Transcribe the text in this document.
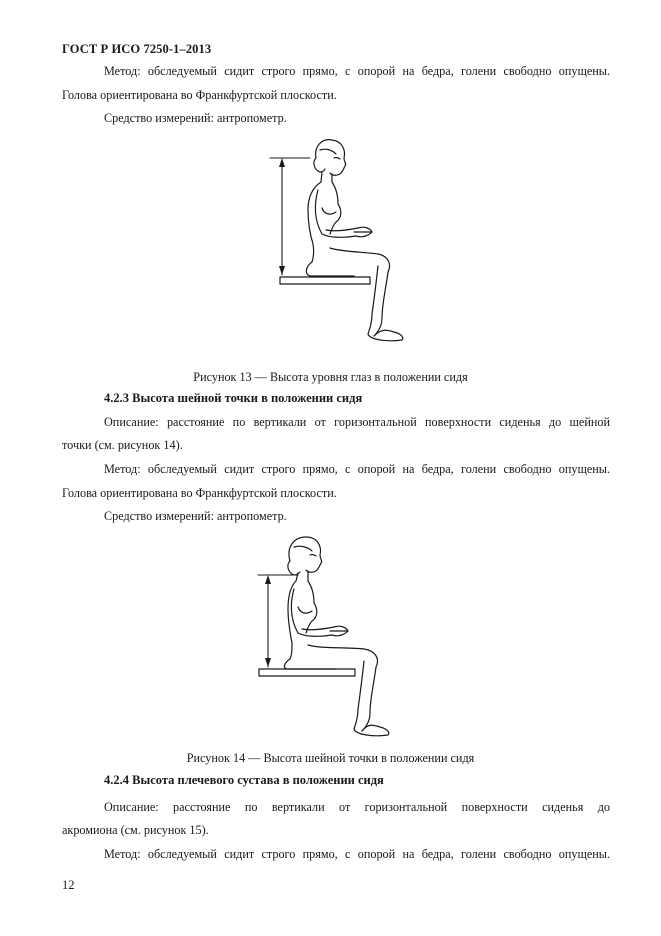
ГОСТ Р ИСО 7250-1–2013
Метод: обследуемый сидит строго прямо, с опорой на бедра, голени свободно опущены.
Голова ориентирована во Франкфуртской плоскости.
Средство измерений: антропометр.
Рисунок 13 — Высота уровня глаз в положении сидя
4.2.3 Высота шейной точки в положении сидя
Описание: расстояние по вертикали от горизонтальной поверхности сиденья до шейной
точки (см. рисунок 14).
Метод: обследуемый сидит строго прямо, с опорой на бедра, голени свободно опущены.
Голова ориентирована во Франкфуртской плоскости.
Средство измерений: антропометр.
Рисунок 14 — Высота шейной точки в положении сидя
4.2.4 Высота плечевого сустава в положении сидя
Описание: расстояние по вертикали от горизонтальной поверхности сиденья до
акромиона (см. рисунок 15).
Метод: обследуемый сидит строго прямо, с опорой на бедра, голени свободно опущены.
12
